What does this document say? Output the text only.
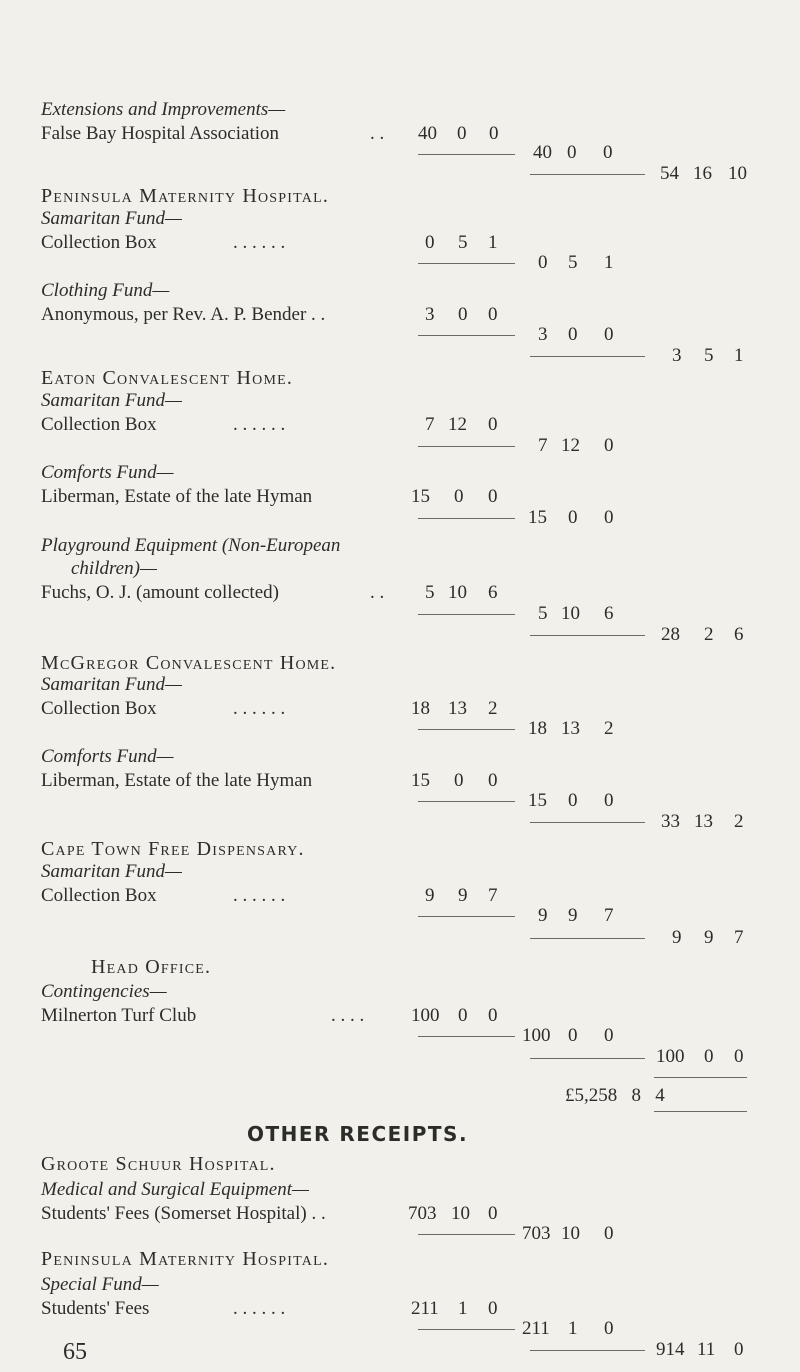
Extensions and Improvements—
False Bay Hospital Association	. . 40 0 0
40 0 0
54 16 10
Peninsula Maternity Hospital.
Samaritan Fund—
Collection Box	. . . . . .	0 5 1
0 5 1
Clothing Fund—
Anonymous, per Rev. A. P. Bender . .	3 0 0
3 0 0
3 5 1
Eaton Convalescent Home.
Samaritan Fund—
Collection Box	. . . . . .	7 12 0
7 12 0
Comforts Fund—
Liberman, Estate of the late Hyman	15 0 0
15 0 0
Playground Equipment (Non-European
children)—
Fuchs, O. J. (amount collected)	. . 5 10 6
5 10 6
28 2 6
McGregor Convalescent Home.
Samaritan Fund—
Collection Box	. . . . . .	18 13 2
18 13 2
Comforts Fund—
Liberman, Estate of the late Hyman	15 0 0
15 0 0
33 13 2
Cape Town Free Dispensary.
Samaritan Fund—
Collection Box	. . . . . .	9 9 7
9 9 7
9 9 7
Head Office.
Contingencies—
Milnerton Turf Club	. . . . 100 0 0
100 0 0
100 0 0
£5,258   8   4
OTHER RECEIPTS.
Groote Schuur Hospital.
Medical and Surgical Equipment—
Students' Fees (Somerset Hospital) . .	703 10 0
703 10 0
Peninsula Maternity Hospital.
Special Fund—
Students' Fees	. . . . . .	211 1 0
211 1 0
914 11 0
65
